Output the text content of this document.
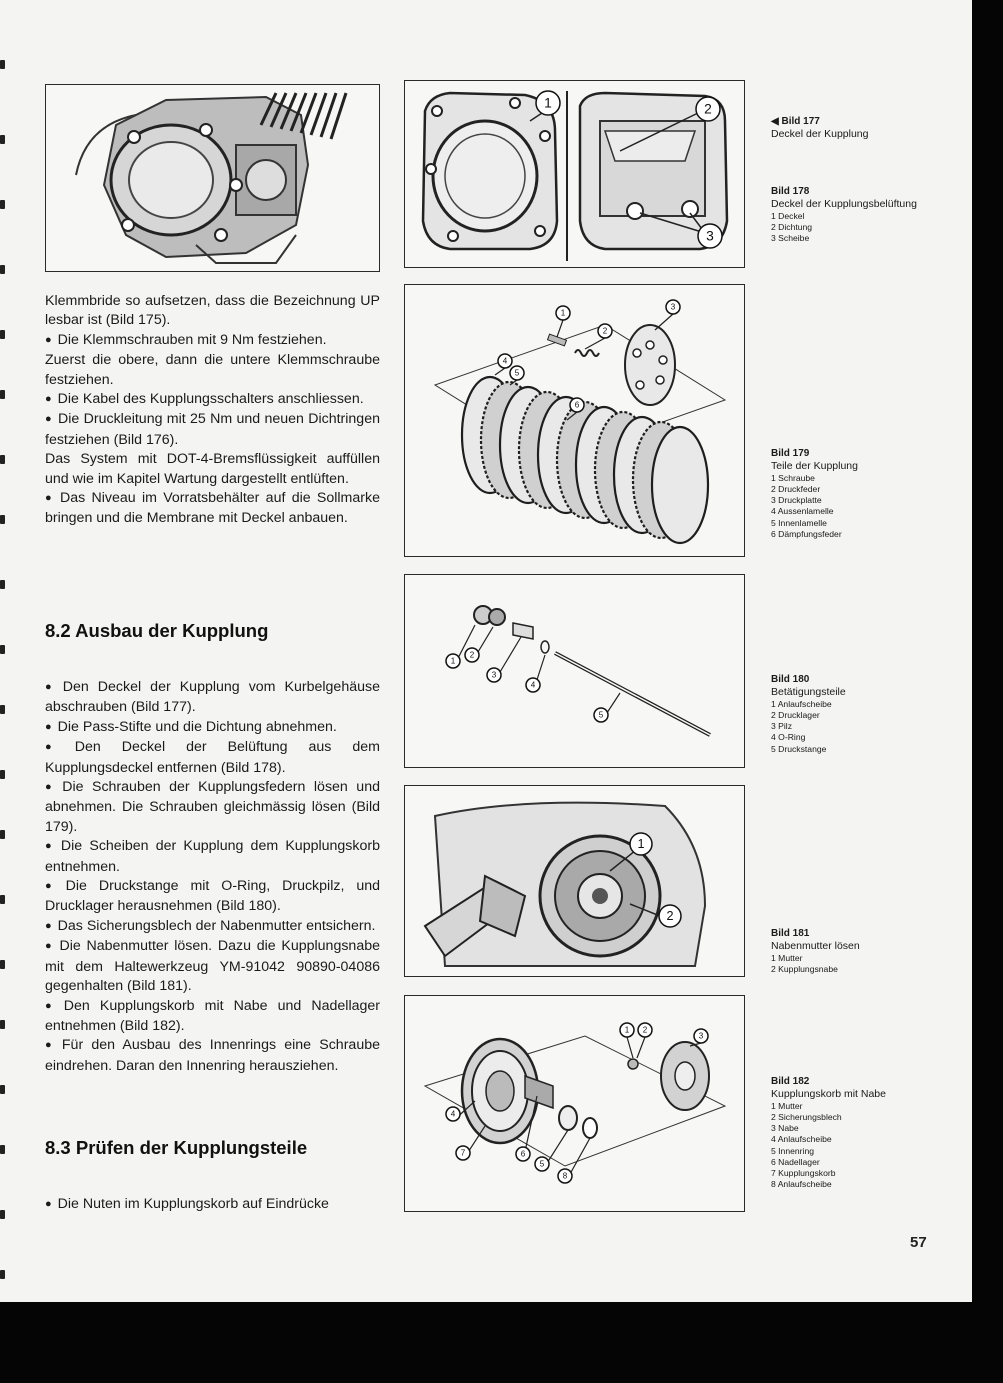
1	2
3
1
2
3
4
5
6
1
2
3
4
5
1
2
1 2
3
4
5
6
7
8

Klemmbride so aufsetzen, dass die Bezeichnung UP lesbar ist (Bild 175).

● Die Klemmschrauben mit 9 Nm festziehen.

Zuerst die obere, dann die untere Klemmschraube festziehen.

● Die Kabel des Kupplungsschalters anschliessen.

● Die Druckleitung mit 25 Nm und neuen Dichtringen festziehen (Bild 176).

Das System mit DOT-4-Bremsflüssigkeit auffüllen und wie im Kapitel Wartung dargestellt entlüften.

● Das Niveau im Vorratsbehälter auf die Sollmarke bringen und die Membrane mit Deckel anbauen.

8.2 Ausbau der Kupplung

● Den Deckel der Kupplung vom Kurbelgehäuse abschrauben (Bild 177).

● Die Pass-Stifte und die Dichtung abnehmen.

● Den Deckel der Belüftung aus dem Kupplungsdeckel entfernen (Bild 178).

● Die Schrauben der Kupplungsfedern lösen und abnehmen. Die Schrauben gleichmässig lösen (Bild 179).

● Die Scheiben der Kupplung dem Kupplungskorb entnehmen.

● Die Druckstange mit O-Ring, Druckpilz, und Drucklager herausnehmen (Bild 180).

● Das Sicherungsblech der Nabenmutter entsichern.

● Die Nabenmutter lösen. Dazu die Kupplungsnabe mit dem Haltewerkzeug YM-91042 90890-04086 gegenhalten (Bild 181).

● Den Kupplungskorb mit Nabe und Nadellager entnehmen (Bild 182).

● Für den Ausbau des Innenrings eine Schraube eindrehen. Daran den Innenring herausziehen.

8.3 Prüfen der Kupplungsteile

● Die Nuten im Kupplungskorb auf Eindrücke

◀ Bild 177
Deckel der Kupplung
Bild 178
Deckel der Kupplungsbelüftung
1 Deckel
2 Dichtung
3 Scheibe
Bild 179
Teile der Kupplung
1 Schraube
2 Druckfeder
3 Druckplatte
4 Aussenlamelle
5 Innenlamelle
6 Dämpfungsfeder
Bild 180
Betätigungsteile
1 Anlaufscheibe
2 Drucklager
3 Pilz
4 O-Ring
5 Druckstange
Bild 181
Nabenmutter lösen
1 Mutter
2 Kupplungsnabe
Bild 182
Kupplungskorb mit Nabe
1 Mutter
2 Sicherungsblech
3 Nabe
4 Anlaufscheibe
5 Innenring
6 Nadellager
7 Kupplungskorb
8 Anlaufscheibe
57
